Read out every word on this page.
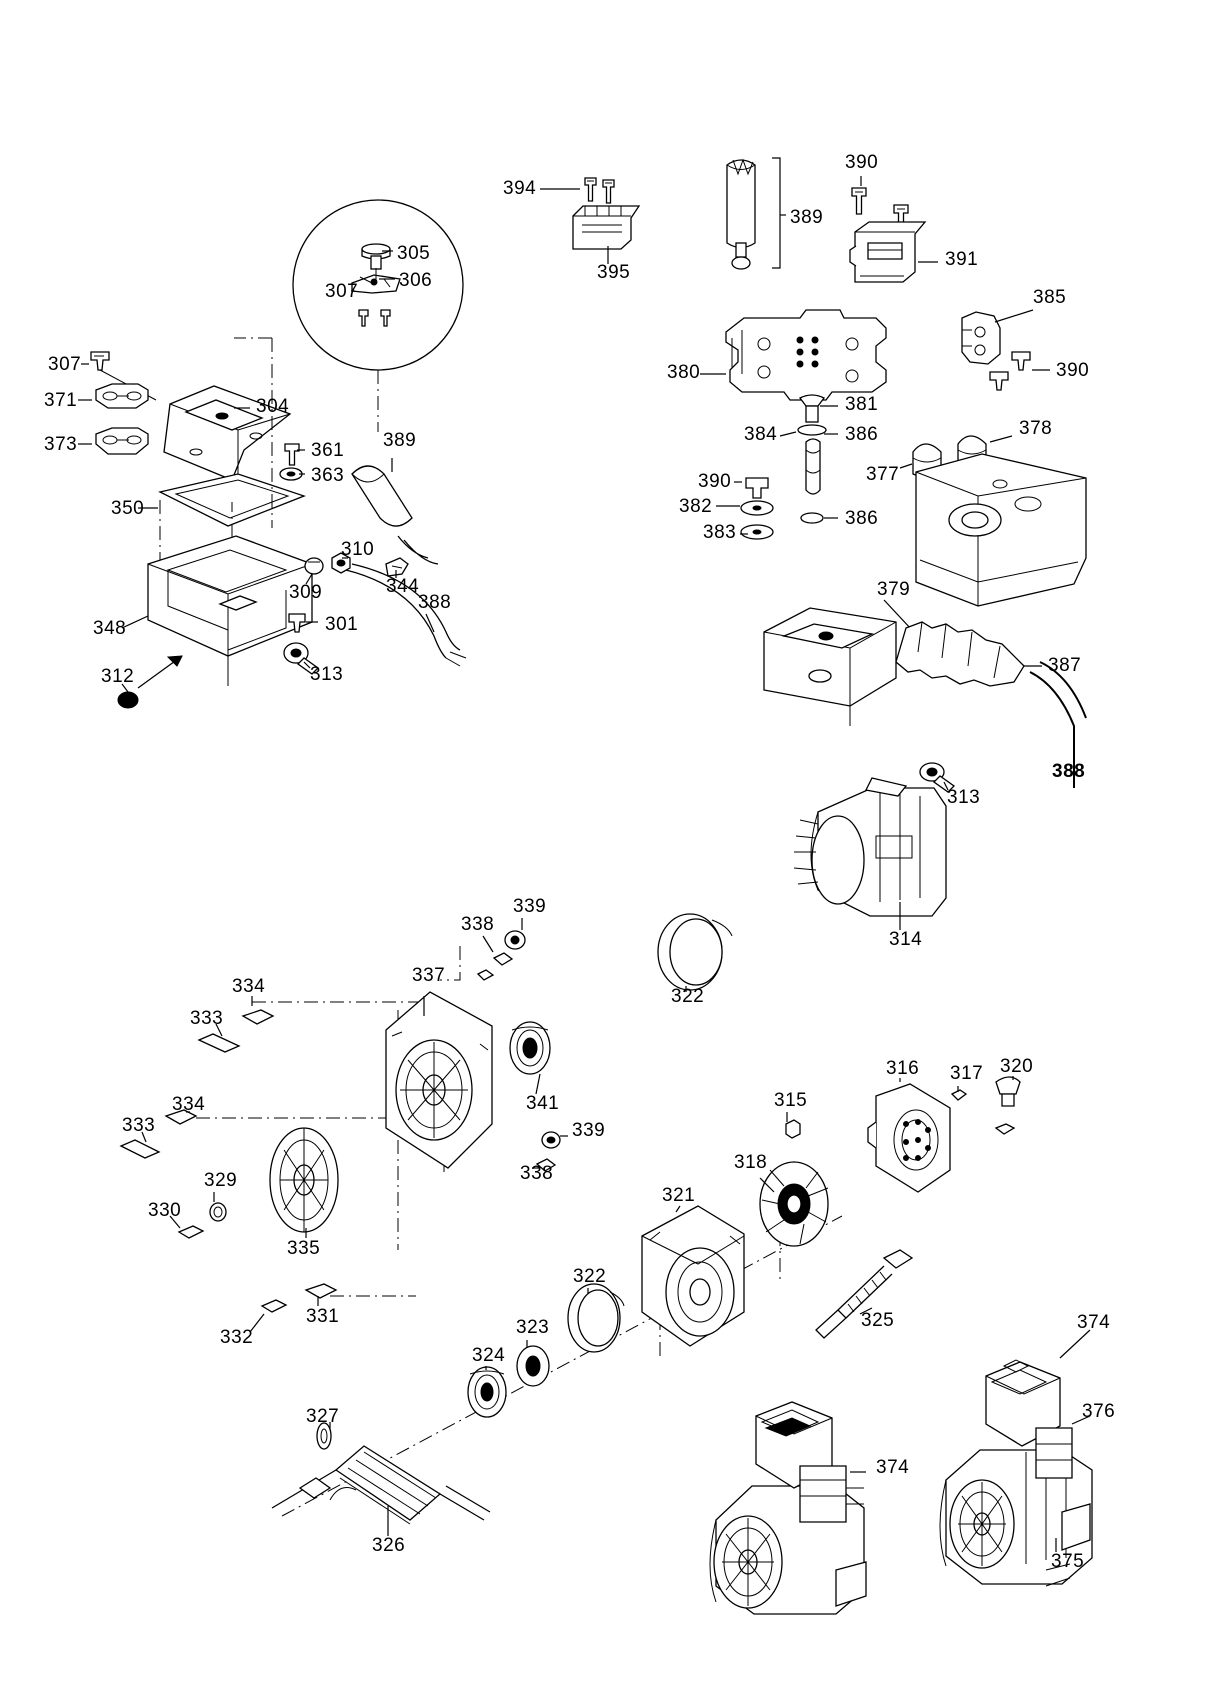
394
395
389
390
391
385
390
380
381
384	386	378
377
390
382
386
383
379
387
388
305
306
307
307
371
373
304
361
363
350
389
310
309	344
388
348	301
313
312
313
314
339
338
337
322
334
333
341
339
338
334
333
329
330
335
331
332
315
316 317 320
318
321
322
323
324
325
327
326
374
374
376
375
